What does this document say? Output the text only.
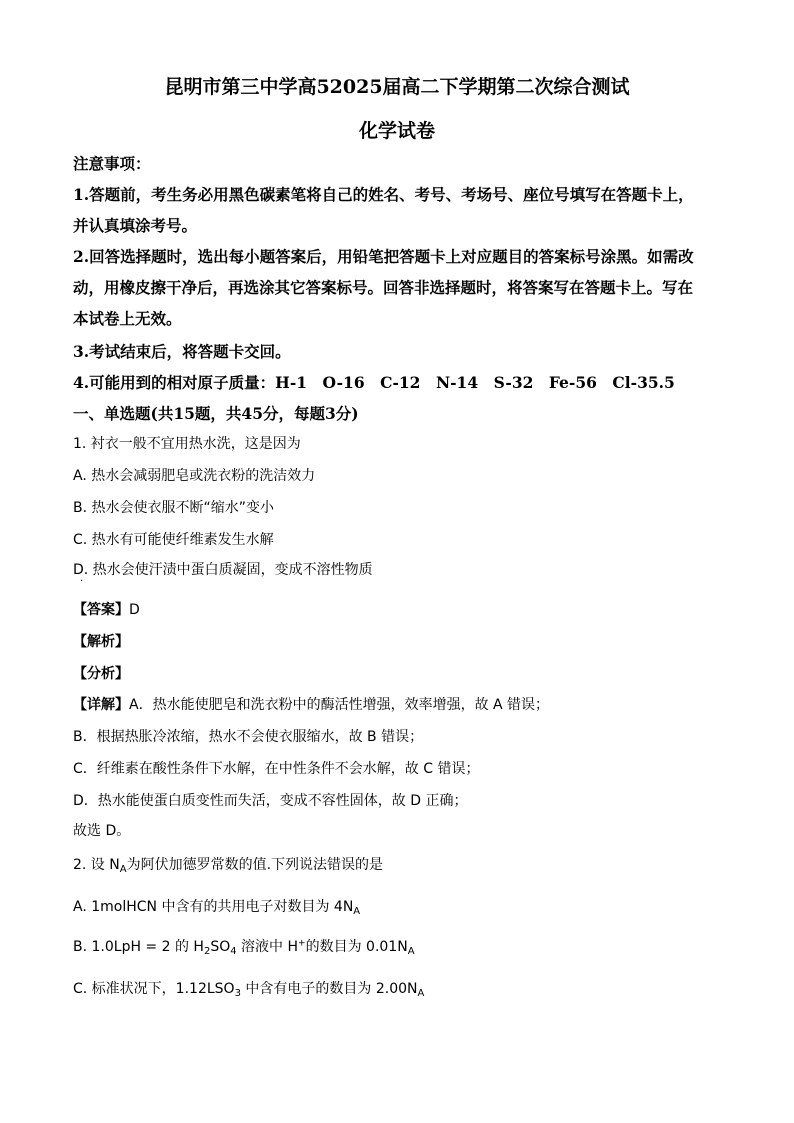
昆明市第三中学高52025届高二下学期第二次综合测试
化学试卷
注意事项：
1.答题前，考生务必用黑色碳素笔将自己的姓名、考号、考场号、座位号填写在答题卡上，
并认真填涂考号。
2.回答选择题时，选出每小题答案后，用铅笔把答题卡上对应题目的答案标号涂黑。如需改
动，用橡皮擦干净后，再选涂其它答案标号。回答非选择题时，将答案写在答题卡上。写在
本试卷上无效。
3.考试结束后，将答题卡交回。
4.可能用到的相对原子质量：H-1　O-16　C-12　N-14　S-32　Fe-56　Cl-35.5
一、单选题(共15题，共45分，每题3分)
1. 衬衣一般不宜用热水洗，这是因为
A. 热水会减弱肥皂或洗衣粉的洗洁效力
B. 热水会使衣服不断“缩水”变小
C. 热水有可能使纤维素发生水解
D. 热水会使汗渍中蛋白质凝固，变成不溶性物质
·
【答案】D
【解析】
【分析】
【详解】A．热水能使肥皂和洗衣粉中的酶活性增强，效率增强，故 A 错误；
B．根据热胀冷浓缩，热水不会使衣服缩水，故 B 错误；
C．纤维素在酸性条件下水解，在中性条件不会水解，故 C 错误；
D．热水能使蛋白质变性而失活，变成不容性固体，故 D 正确；
故选 D。
2. 设 $N_A$为阿伏加德罗常数的值.下列说法错误的是
A. 1molHCN 中含有的共用电子对数目为 $4N_A$
B. 1.0LpH = 2 的 $H_2SO_4$ 溶液中 H+的数目为 $0.01N_A$
C. 标准状况下，$1.12LSO_3$ 中含有电子的数目为 $2.00N_A$
